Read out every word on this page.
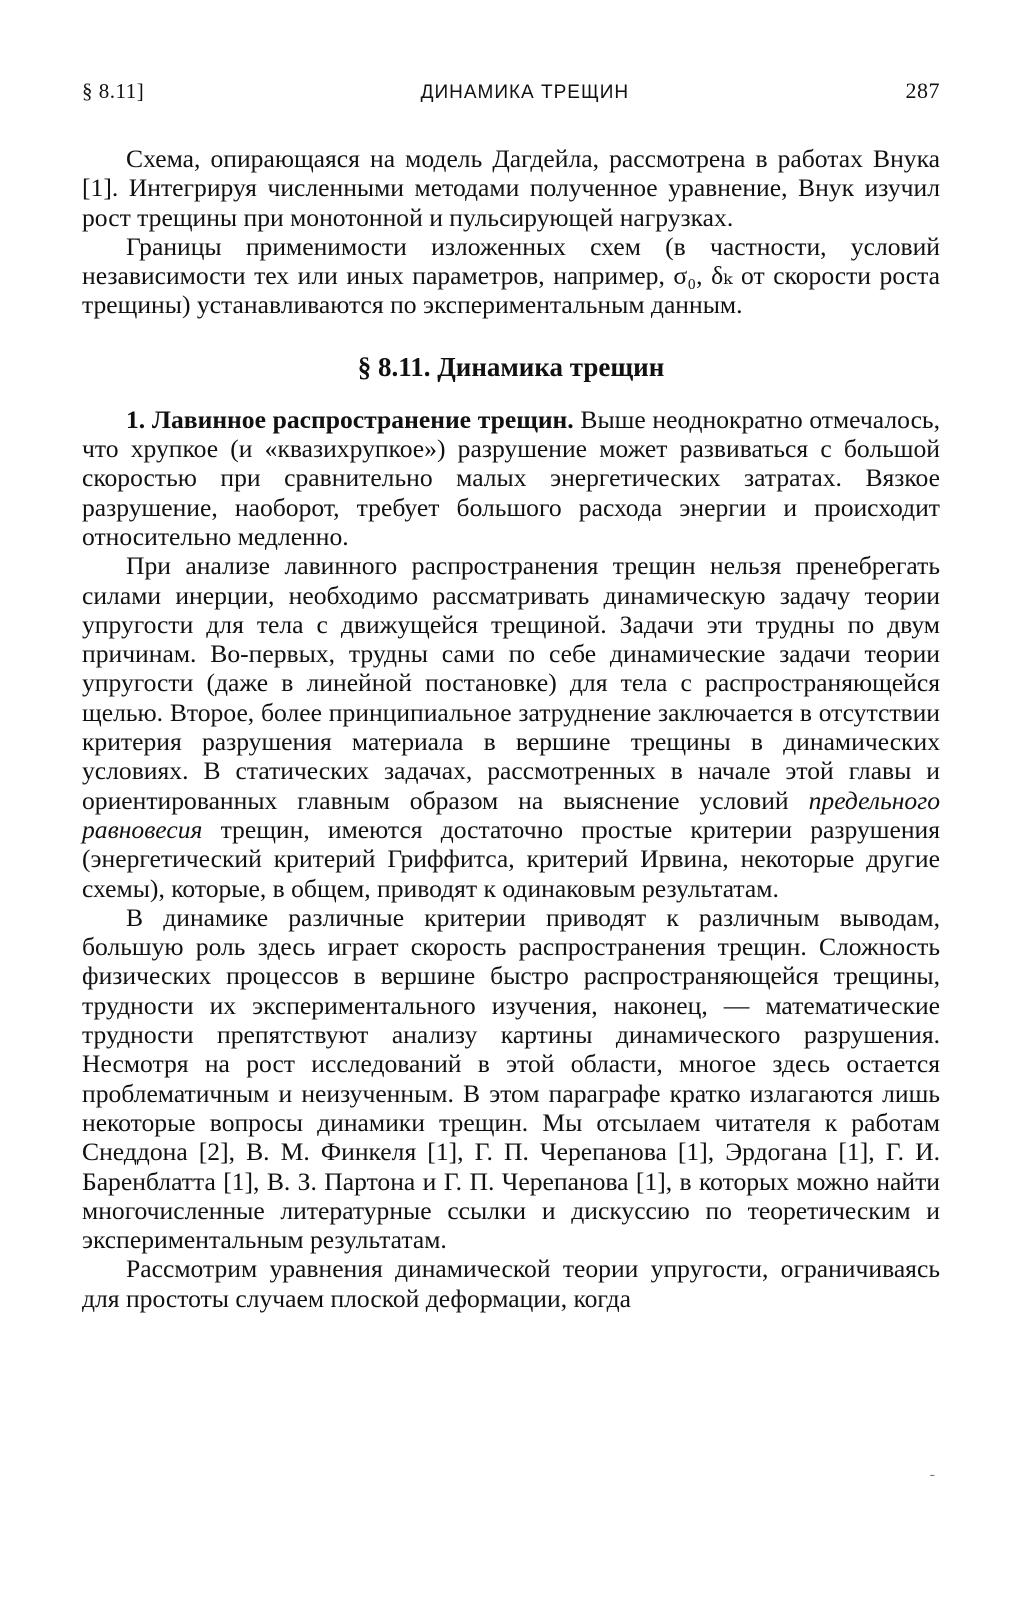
§ 8.11]	ДИНАМИКА ТРЕЩИН	287

Схема, опирающаяся на модель Дагдейла, рассмотрена в работах Внука [1]. Интегрируя численными методами полученное уравнение, Внук изучил рост трещины при монотонной и пульсирующей нагрузках.

Границы применимости изложенных схем (в частности, условий независимости тех или иных параметров, например, σ₀, δₖ от скорости роста трещины) устанавливаются по экспериментальным данным.

§ 8.11. Динамика трещин

1. Лавинное распространение трещин. Выше неоднократно отмечалось, что хрупкое (и «квазихрупкое») разрушение может развиваться с большой скоростью при сравнительно малых энергетических затратах. Вязкое разрушение, наоборот, требует большого расхода энергии и происходит относительно медленно.

При анализе лавинного распространения трещин нельзя пренебрегать силами инерции, необходимо рассматривать динамическую задачу теории упругости для тела с движущейся трещиной. Задачи эти трудны по двум причинам. Во-первых, трудны сами по себе динамические задачи теории упругости (даже в линейной постановке) для тела с распространяющейся щелью. Второе, более принципиальное затруднение заключается в отсутствии критерия разрушения материала в вершине трещины в динамических условиях. В статических задачах, рассмотренных в начале этой главы и ориентированных главным образом на выяснение условий предельного равновесия трещин, имеются достаточно простые критерии разрушения (энергетический критерий Гриффитса, критерий Ирвина, некоторые другие схемы), которые, в общем, приводят к одинаковым результатам.

В динамике различные критерии приводят к различным выводам, большую роль здесь играет скорость распространения трещин. Сложность физических процессов в вершине быстро распространяющейся трещины, трудности их экспериментального изучения, наконец, — математические трудности препятствуют анализу картины динамического разрушения. Несмотря на рост исследований в этой области, многое здесь остается проблематичным и неизученным. В этом параграфе кратко излагаются лишь некоторые вопросы динамики трещин. Мы отсылаем читателя к работам Снеддона [2], В. М. Финкеля [1], Г. П. Черепанова [1], Эрдогана [1], Г. И. Баренблатта [1], В. З. Партона и Г. П. Черепанова [1], в которых можно найти многочисленные литературные ссылки и дискуссию по теоретическим и экспериментальным результатам.

Рассмотрим уравнения динамической теории упругости, ограничиваясь для простоты случаем плоской деформации, когда

˗
